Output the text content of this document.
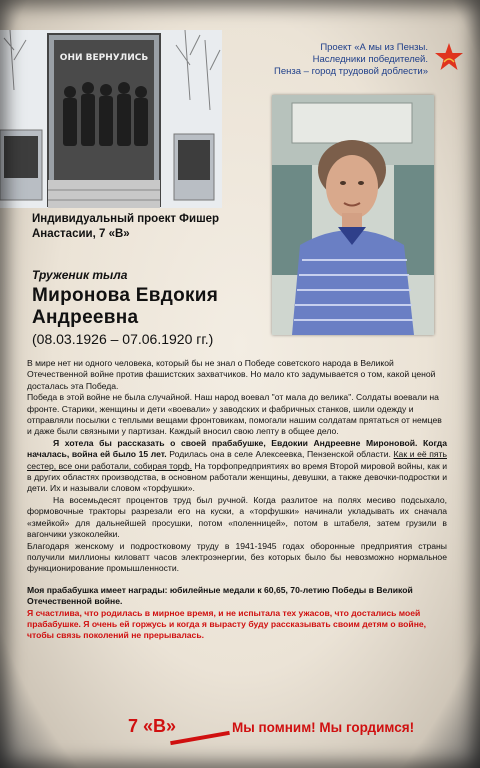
ОНИ ВЕРНУЛИСЬ
Проект «А мы из Пензы.
Наследники победителей.
Пенза – город трудовой доблести»
Индивидуальный проект Фишер
Анастасии, 7 «В»
Труженик тыла
Миронова Евдокия
Андреевна
(08.03.1926 – 07.06.1920 гг.)

В мире нет ни одного человека, который бы не знал о Победе советского народа в Великой Отечественной войне против фашистских захватчиков. Но мало кто задумывается о том, какой ценой досталась эта Победа.

Победа в этой войне не была случайной. Наш народ воевал "от мала до велика". Солдаты воевали на фронте. Старики, женщины и дети «воевали» у заводских и фабричных станков, шили одежду и отправляли посылки с теплыми вещами фронтовикам, помогали нашим солдатам прятаться от немцев и даже были связными у партизан. Каждый вносил свою лепту в общее дело.

Я хотела бы рассказать о своей прабабушке, Евдокии Андреевне Мироновой. Когда началась, война ей было 15 лет. Родилась она в селе Алексеевка, Пензенской области. Как и её пять сестер, все они работали, собирая торф. На торфопредприятиях во время Второй мировой войны, как и в других областях производства, в основном работали женщины, девушки, а также девочки-подростки и дети. Их и называли словом «торфушки».

На восемьдесят процентов труд был ручной. Когда разлитое на полях месиво подсыхало, формовочные тракторы разрезали его на куски, а «торфушки» начинали укладывать их сначала «змейкой» для дальнейшей просушки, потом «поленницей», потом в штабеля, затем грузили в вагончики узкоколейки.

Благодаря женскому и подростковому труду в 1941-1945 годах оборонные предприятия страны получили миллионы киловатт часов электроэнергии, без которых было бы невозможно нормальное функционирование промышленности.

Моя прабабушка имеет награды: юбилейные медали к 60,65, 70-летию Победы в Великой Отечественной войне.

Я счастлива, что родилась в мирное время, и не испытала тех ужасов, что достались моей прабабушке. Я очень ей горжусь и когда я вырасту буду рассказывать своим детям о войне, чтобы связь поколений не прерывалась.

7 «В»	Мы помним! Мы гордимся!
